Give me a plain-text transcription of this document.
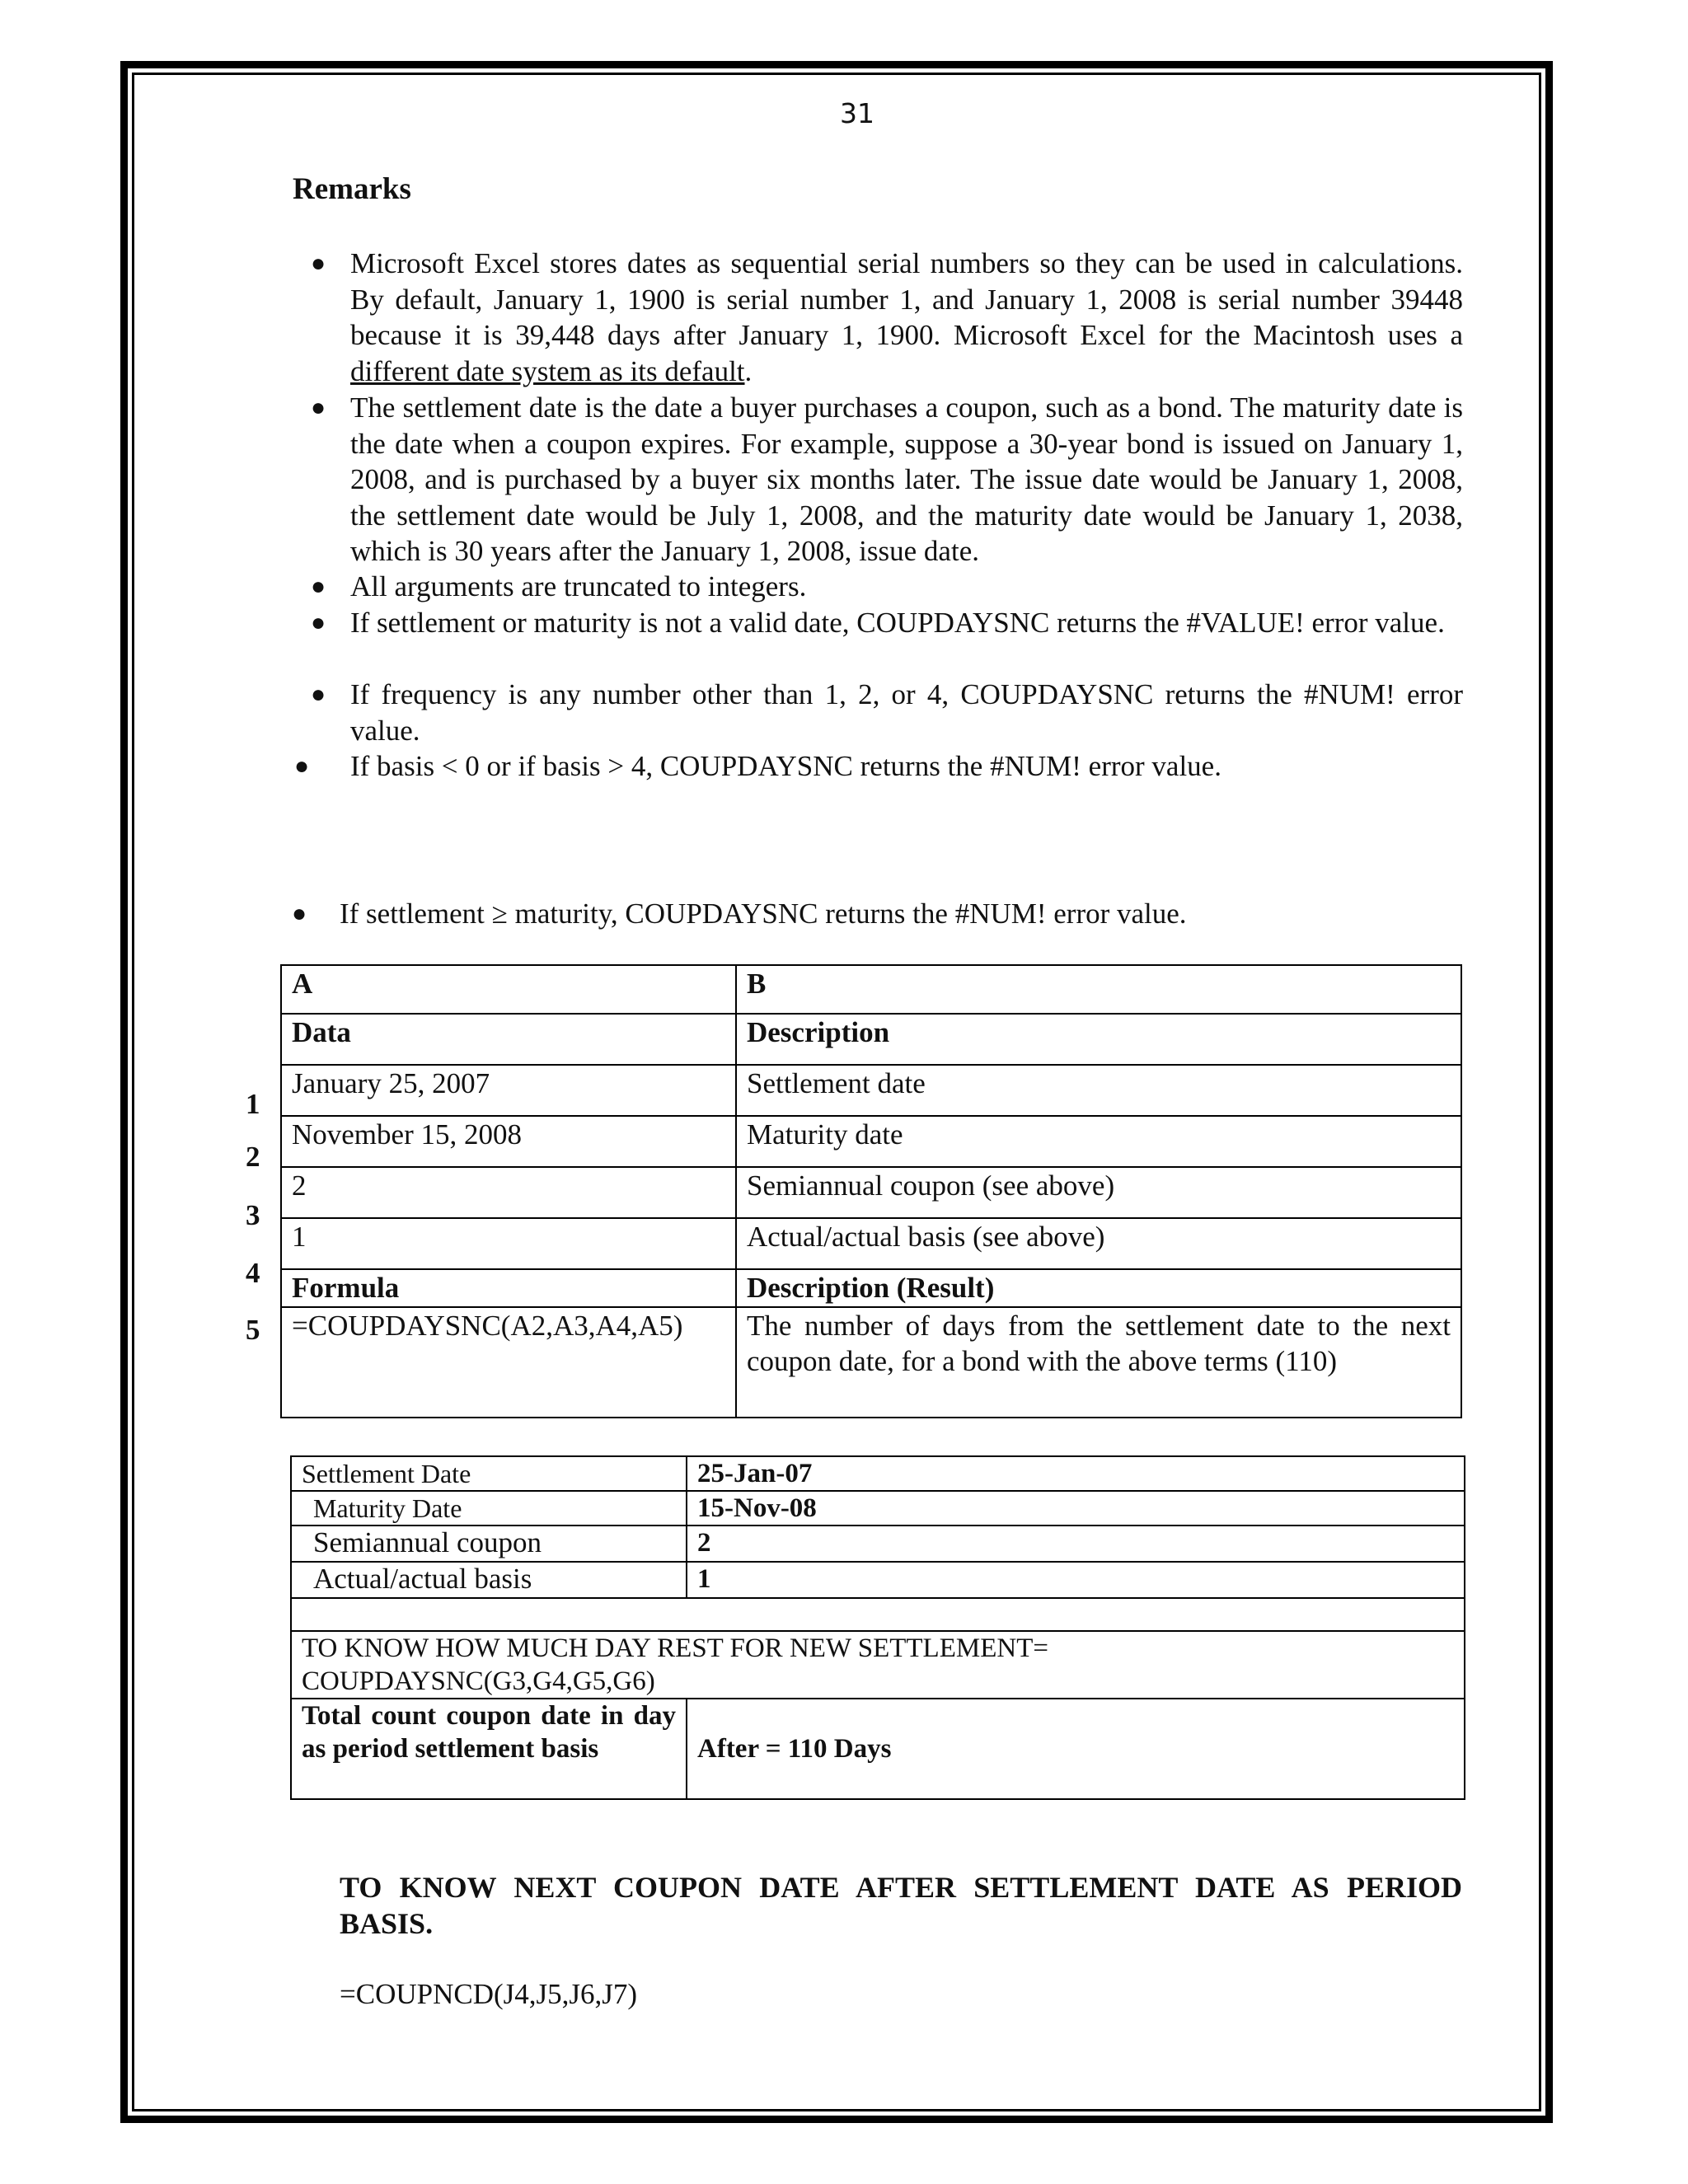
31
Remarks
● Microsoft Excel stores dates as sequential serial numbers so they can be used in calculations. By default, January 1, 1900 is serial number 1, and January 1, 2008 is serial number 39448 because it is 39,448 days after January 1, 1900. Microsoft Excel for the Macintosh uses a different date system as its default.
● The settlement date is the date a buyer purchases a coupon, such as a bond. The maturity date is the date when a coupon expires. For example, suppose a 30-year bond is issued on January 1, 2008, and is purchased by a buyer six months later. The issue date would be January 1, 2008, the settlement date would be July 1, 2008, and the maturity date would be January 1, 2038, which is 30 years after the January 1, 2008, issue date.
● All arguments are truncated to integers.
● If settlement or maturity is not a valid date, COUPDAYSNC returns the #VALUE! error value.
● If frequency is any number other than 1, 2, or 4, COUPDAYSNC returns the #NUM! error value.
● If basis < 0 or if basis > 4, COUPDAYSNC returns the #NUM! error value.
● If settlement ≥ maturity, COUPDAYSNC returns the #NUM! error value.
1
2
3
4
5
A	B
Data	Description
January 25, 2007	Settlement date
November 15, 2008	Maturity date
2	Semiannual coupon (see above)
1	Actual/actual basis (see above)
Formula	Description (Result)
=COUPDAYSNC(A2,A3,A4,A5)	The number of days from the settlement date to the next coupon date, for a bond with the above terms (110)
Settlement Date	25-Jan-07
Maturity Date	15-Nov-08
Semiannual coupon	2
Actual/actual basis	1

TO KNOW HOW MUCH DAY REST FOR NEW SETTLEMENT=
COUPDAYSNC(G3,G4,G5,G6)	

Total count coupon date in day as period settlement basis	After = 110 Days
TO KNOW NEXT COUPON DATE AFTER SETTLEMENT DATE AS PERIOD BASIS.
=COUPNCD(J4,J5,J6,J7)
